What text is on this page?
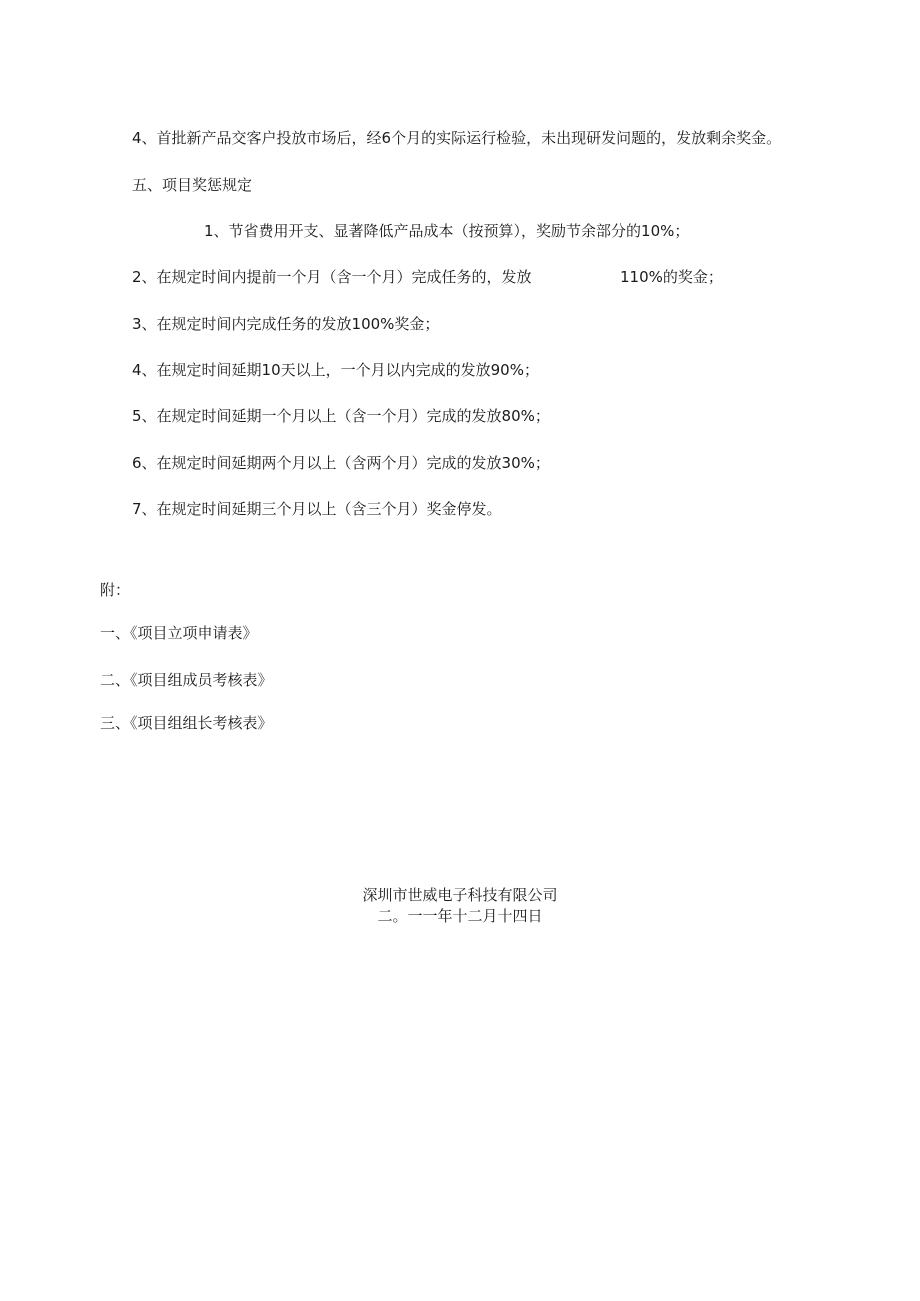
4、首批新产品交客户投放市场后，经6个月的实际运行检验，未出现研发问题的，发放剩余奖金。
五、项目奖惩规定
1、节省费用开支、显著降低产品成本（按预算），奖励节余部分的10%；
2、在规定时间内提前一个月（含一个月）完成任务的，发放	110%的奖金；
3、在规定时间内完成任务的发放100%奖金；
4、在规定时间延期10天以上，一个月以内完成的发放90%；
5、在规定时间延期一个月以上（含一个月）完成的发放80%；
6、在规定时间延期两个月以上（含两个月）完成的发放30%；
7、在规定时间延期三个月以上（含三个月）奖金停发。
附：
一、《项目立项申请表》
二、《项目组成员考核表》
三、《项目组组长考核表》
深圳市世威电子科技有限公司
二。一一年十二月十四日
